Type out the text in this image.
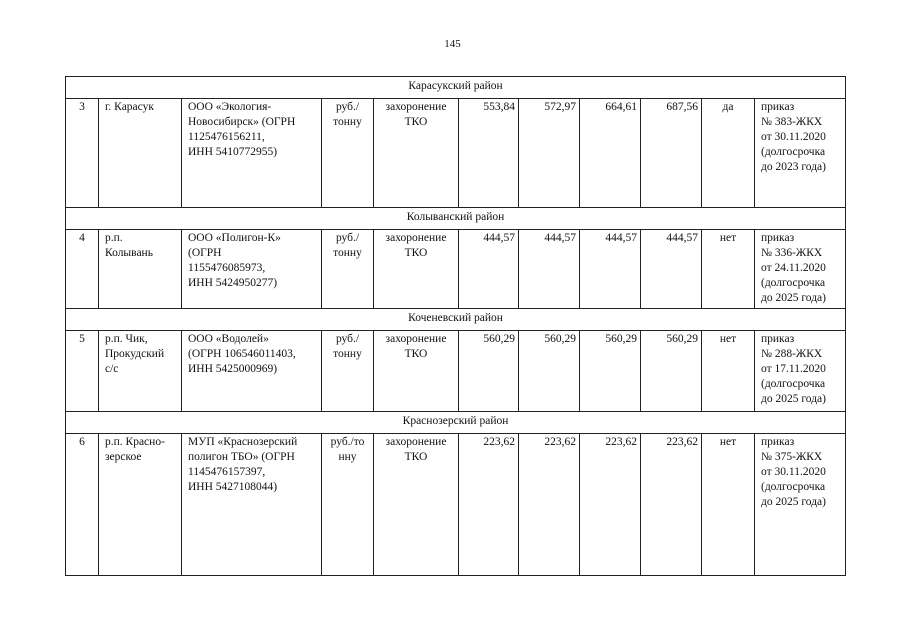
145
Карасукский район										
3	г. Карасук	ООО «Экология-
Новосибирск» (ОГРН
1125476156211,
ИНН 5410772955)	руб./
тонну	захоронение
ТКО	553,84	572,97	664,61	687,56	да	приказ
№ 383-ЖКХ
от 30.11.2020
(долгосрочка
до 2023 года)
Колыванский район										
4	р.п.
Колывань	ООО «Полигон-К»
(ОГРН
1155476085973,
ИНН 5424950277)	руб./
тонну	захоронение
ТКО	444,57	444,57	444,57	444,57	нет	приказ
№ 336-ЖКХ
от 24.11.2020
(долгосрочка
до 2025 года)
Коченевский район										
5	р.п. Чик,
Прокудский
с/с	ООО «Водолей»
(ОГРН 106546011403,
ИНН 5425000969)	руб./
тонну	захоронение
ТКО	560,29	560,29	560,29	560,29	нет	приказ
№ 288-ЖКХ
от 17.11.2020
(долгосрочка
до 2025 года)
Краснозерский район										
6	р.п. Красно-
зерское	МУП «Краснозерский
полигон ТБО» (ОГРН
1145476157397,
ИНН 5427108044)	руб./то
нну	захоронение
ТКО	223,62	223,62	223,62	223,62	нет	приказ
№ 375-ЖКХ
от 30.11.2020
(долгосрочка
до 2025 года)
